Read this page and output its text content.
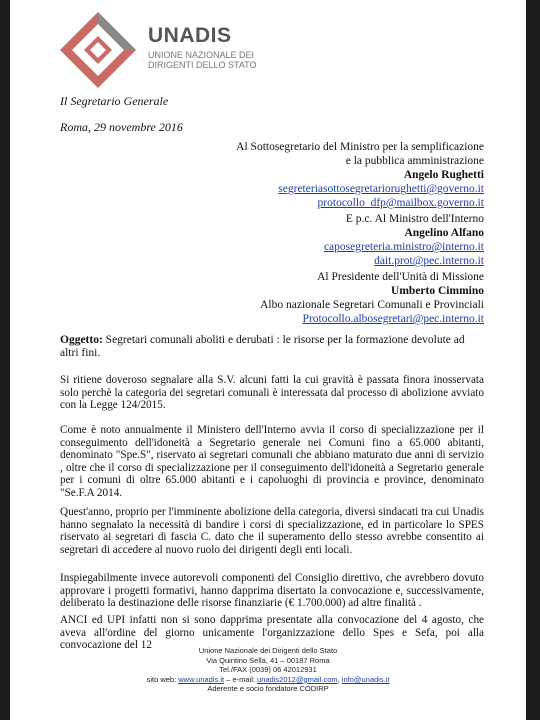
UNADIS
UNIONE NAZIONALE DEI
DIRIGENTI DELLO STATO
Il Segretario Generale
Roma, 29 novembre 2016
Al Sottosegretario del Ministro per la semplificazione
e la pubblica amministrazione
Angelo Rughetti
segreteriasottosegretariorughetti@governo.it
protocollo_dfp@mailbox.governo.it
E p.c. Al Ministro dell'Interno
Angelino Alfano
caposegreteria.ministro@interno.it
dait.prot@pec.interno.it
Al Presidente dell'Unità di Missione
Umberto Cimmino
Albo nazionale Segretari Comunali e Provinciali
Protocollo.albosegretari@pec.interno.it
Oggetto: Segretari comunali aboliti e derubati : le risorse per la formazione devolute ad altri fini.
Si ritiene doveroso segnalare alla S.V. alcuni fatti la cui gravità è passata finora inosservata solo perchè la categoria dei segretari comunali è interessata dal processo di abolizione avviato con la Legge 124/2015.
Come è noto annualmente il Ministero dell'Interno avvia il corso di specializzazione per il conseguimento dell'idoneità a Segretario generale nei Comuni fino a 65.000 abitanti, denominato "Spe.S", riservato ai segretari comunali che abbiano maturato due anni di servizio , oltre che il corso di specializzazione per il conseguimento dell'idoneità a Segretario generale per i comuni di oltre 65.000 abitanti e i capoluoghi di provincia e province, denominato "Se.F.A 2014.
Quest'anno, proprio per l'imminente abolizione della categoria, diversi sindacati tra cui Unadis hanno segnalato la necessità di bandire i corsi di specializzazione, ed in particolare lo SPES riservato ai segretari di fascia C. dato che il superamento dello stesso avrebbe consentito ai segretari di accedere al nuovo ruolo dei dirigenti degli enti locali.
Inspiegabilmente invece autorevoli componenti del Consiglio direttivo, che avrebbero dovuto approvare i progetti formativi, hanno dapprima disertato la convocazione e, successivamente, deliberato la destinazione delle risorse finanziarie (€ 1.700.000) ad altre finalità .
ANCI ed UPI infatti non si sono dapprima presentate alla convocazione del 4 agosto, che aveva all'ordine del giorno unicamente l'organizzazione dello Spes e Sefa, poi alla convocazione del 12	Unione Nazionale dei Dirigenti dello Stato
Via Quintino Sella, 41 – 00187 Roma
Tel./FAX (0039) 06 42012931
sito web: www.unadis.it – e-mail: unadis2012@gmail.com, info@unadis.it
Aderente e socio fondatore CODIRP
